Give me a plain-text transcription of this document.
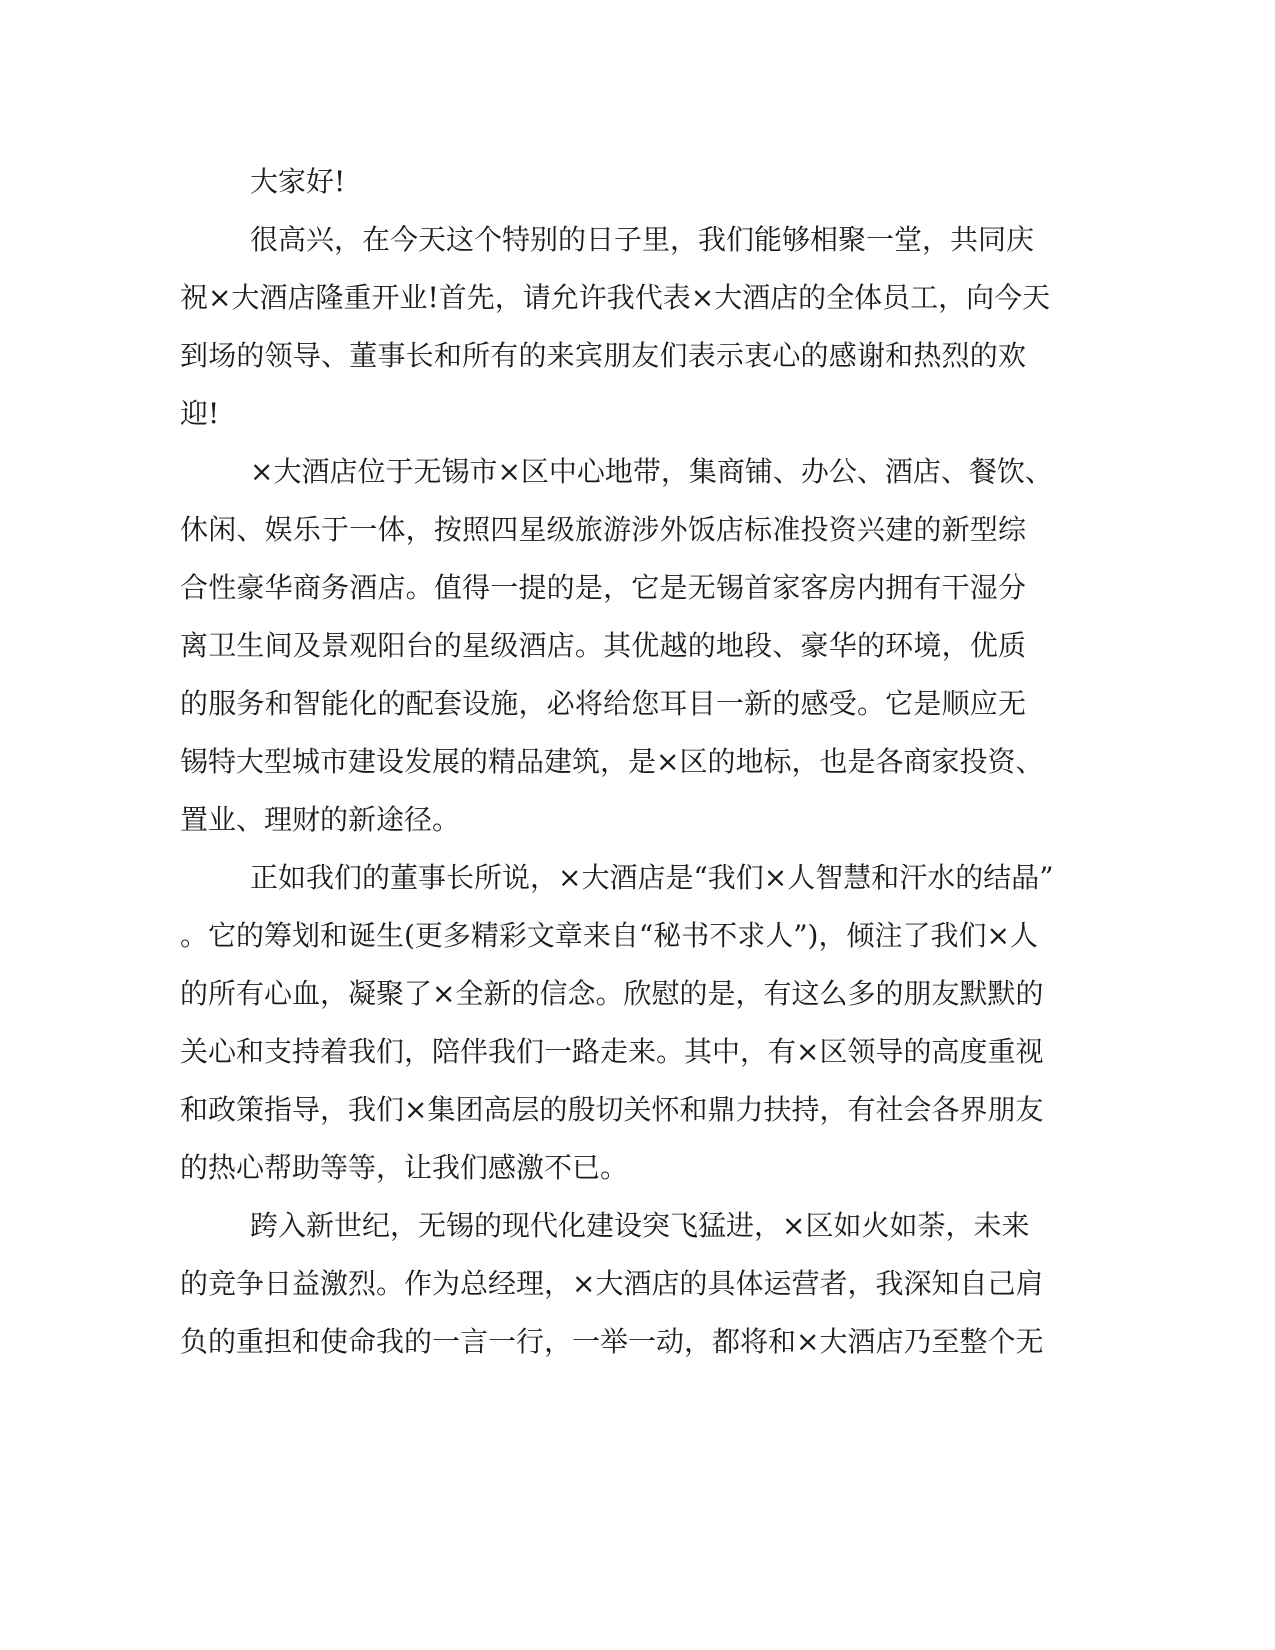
大家好!
很高兴，在今天这个特别的日子里，我们能够相聚一堂，共同庆
祝×大酒店隆重开业!首先，请允许我代表×大酒店的全体员工，向今天
到场的领导、董事长和所有的来宾朋友们表示衷心的感谢和热烈的欢
迎!
×大酒店位于无锡市×区中心地带，集商铺、办公、酒店、餐饮、
休闲、娱乐于一体，按照四星级旅游涉外饭店标准投资兴建的新型综
合性豪华商务酒店。值得一提的是，它是无锡首家客房内拥有干湿分
离卫生间及景观阳台的星级酒店。其优越的地段、豪华的环境，优质
的服务和智能化的配套设施，必将给您耳目一新的感受。它是顺应无
锡特大型城市建设发展的精品建筑，是×区的地标，也是各商家投资、
置业、理财的新途径。
正如我们的董事长所说，×大酒店是“我们×人智慧和汗水的结晶”
。它的筹划和诞生(更多精彩文章来自“秘书不求人”)，倾注了我们×人
的所有心血，凝聚了×全新的信念。欣慰的是，有这么多的朋友默默的
关心和支持着我们，陪伴我们一路走来。其中，有×区领导的高度重视
和政策指导，我们×集团高层的殷切关怀和鼎力扶持，有社会各界朋友
的热心帮助等等，让我们感激不已。
跨入新世纪，无锡的现代化建设突飞猛进，×区如火如荼，未来
的竞争日益激烈。作为总经理，×大酒店的具体运营者，我深知自己肩
负的重担和使命我的一言一行，一举一动，都将和×大酒店乃至整个无
